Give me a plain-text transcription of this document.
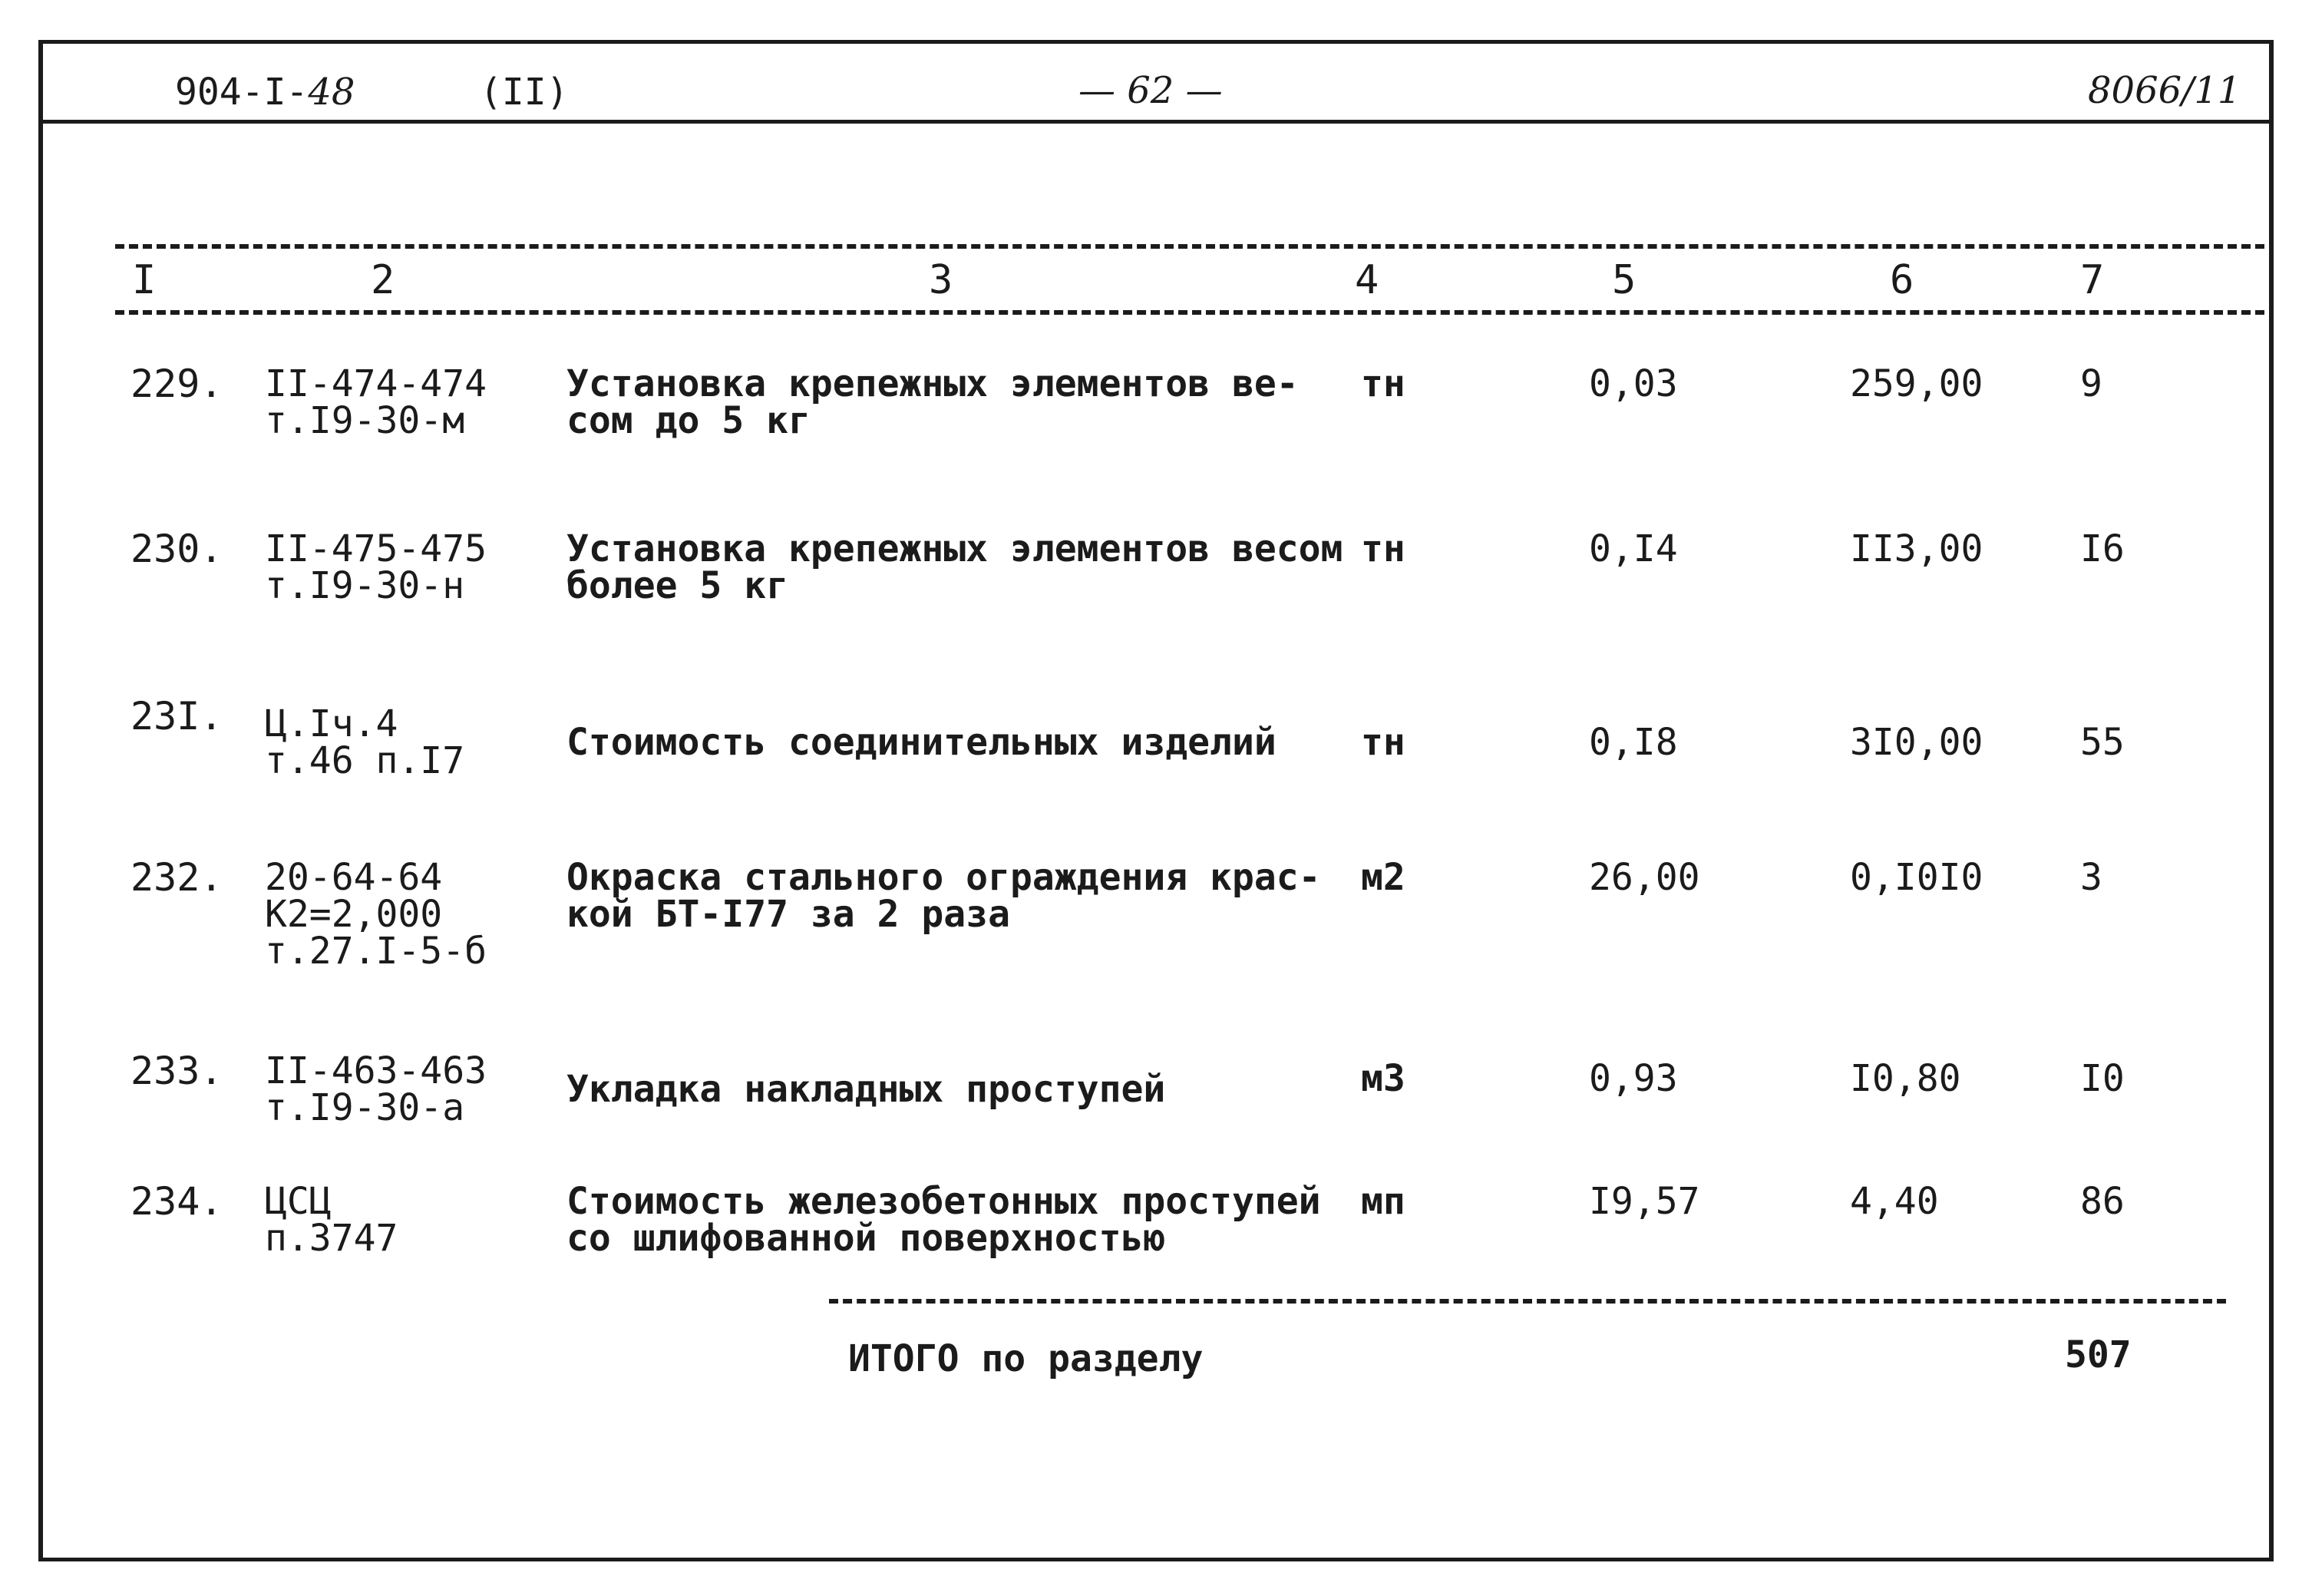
904-I-48	(II)	— 62 —	8066/11
I	2	3	4	5	6	7
229. II-474-474
т.I9-30-м
Установка крепежных элементов ве-
сом до 5 кг
тн	0,03	259,00	9
230. II-475-475
т.I9-30-н
Установка крепежных элементов весом
более 5 кг
тн	0,I4	II3,00	I6
23I. Ц.Iч.4
т.46 п.I7	Стоимость соединительных изделий тн	0,I8	3I0,00	55
232. 20-64-64
К2=2,000
т.27.I-5-б
Окраска стального ограждения крас-
кой БТ-I77 за 2 раза
м2	26,00	0,I0I0	3
233. II-463-463
т.I9-30-а	Укладка накладных проступей	м3	0,93	I0,80	I0
234. ЦСЦ
п.3747
Стоимость железобетонных проступей
со шлифованной поверхностью
мп	I9,57	4,40	86
ИТОГО по разделу	507
